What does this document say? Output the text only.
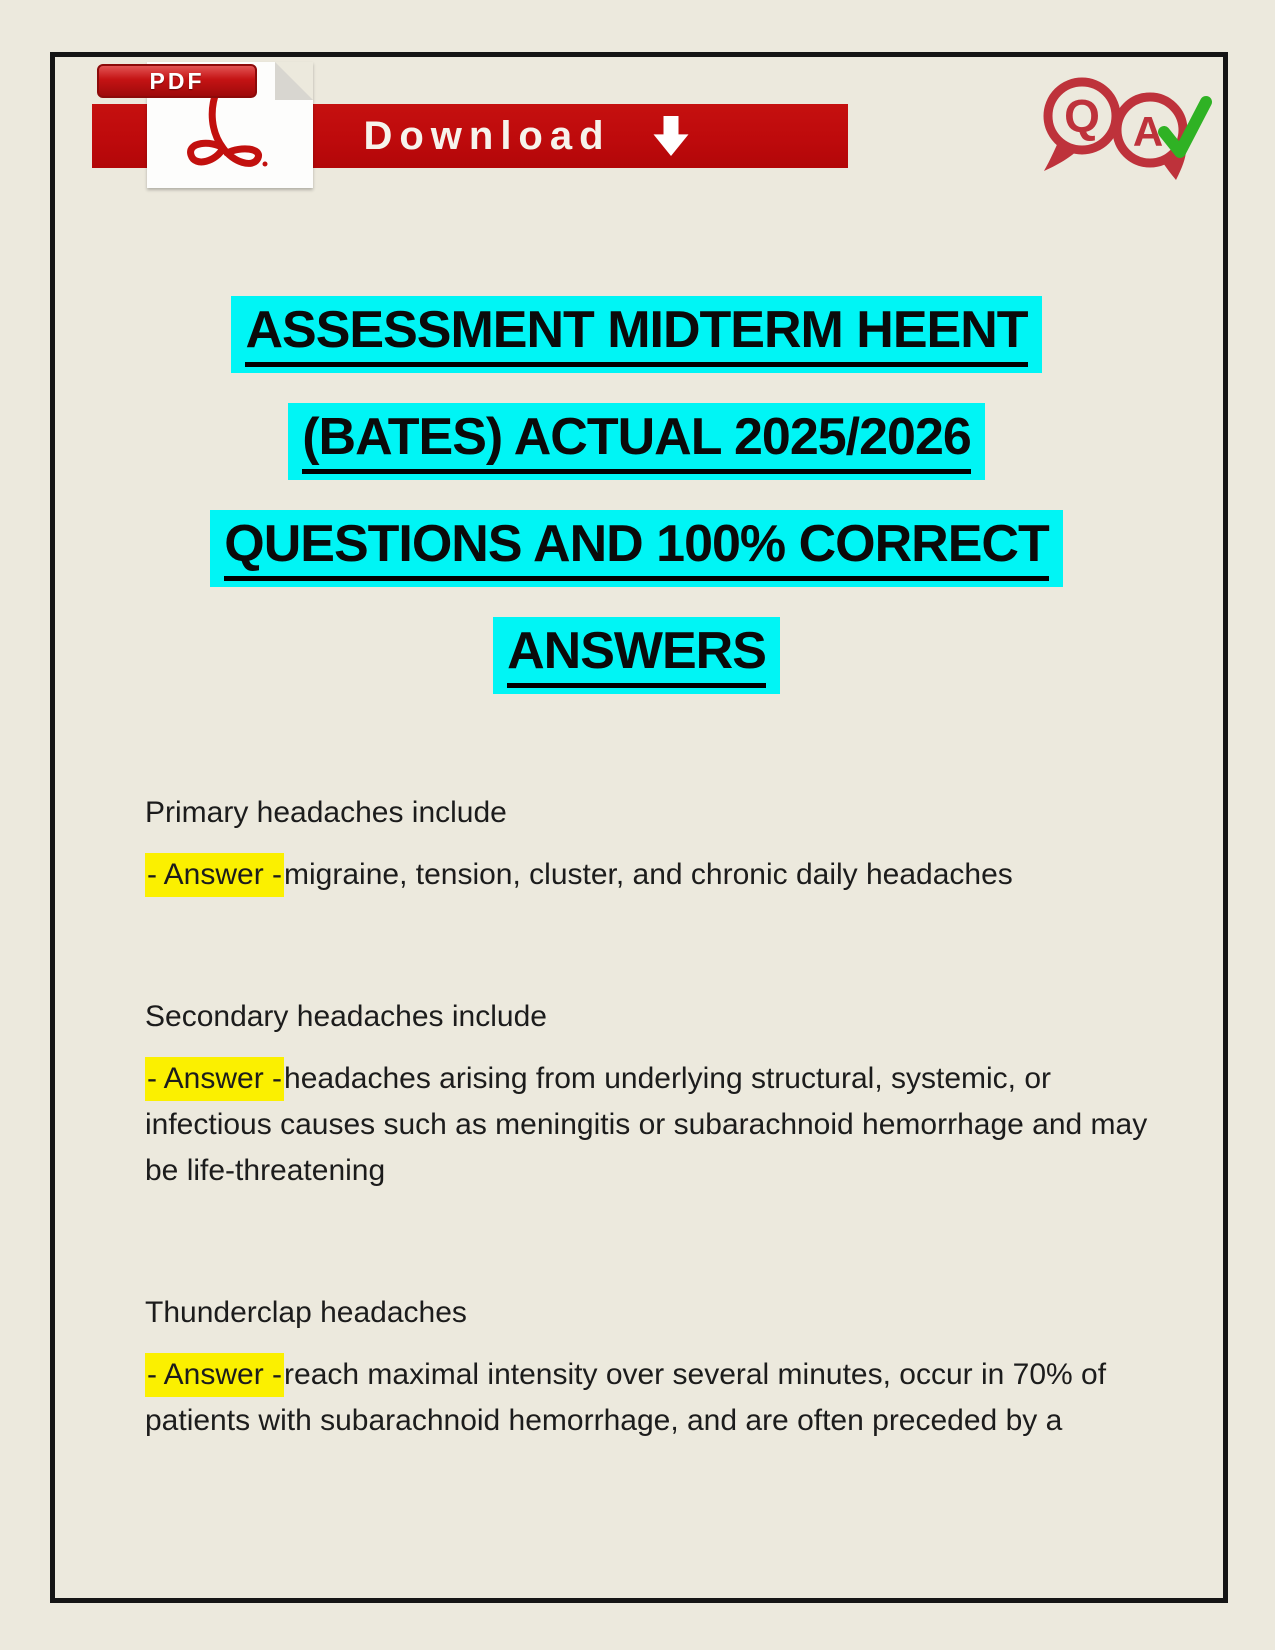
Download
PDF
Q A
ASSESSMENT MIDTERM HEENT
(BATES) ACTUAL 2025/2026
QUESTIONS AND 100% CORRECT
ANSWERS

Primary headaches include

- Answer -migraine, tension, cluster, and chronic daily headaches

Secondary headaches include

- Answer -headaches arising from underlying structural, systemic, or infectious causes such as meningitis or subarachnoid hemorrhage and may be life-threatening

Thunderclap headaches

- Answer -reach maximal intensity over several minutes, occur in 70% of patients with subarachnoid hemorrhage, and are often preceded by a
